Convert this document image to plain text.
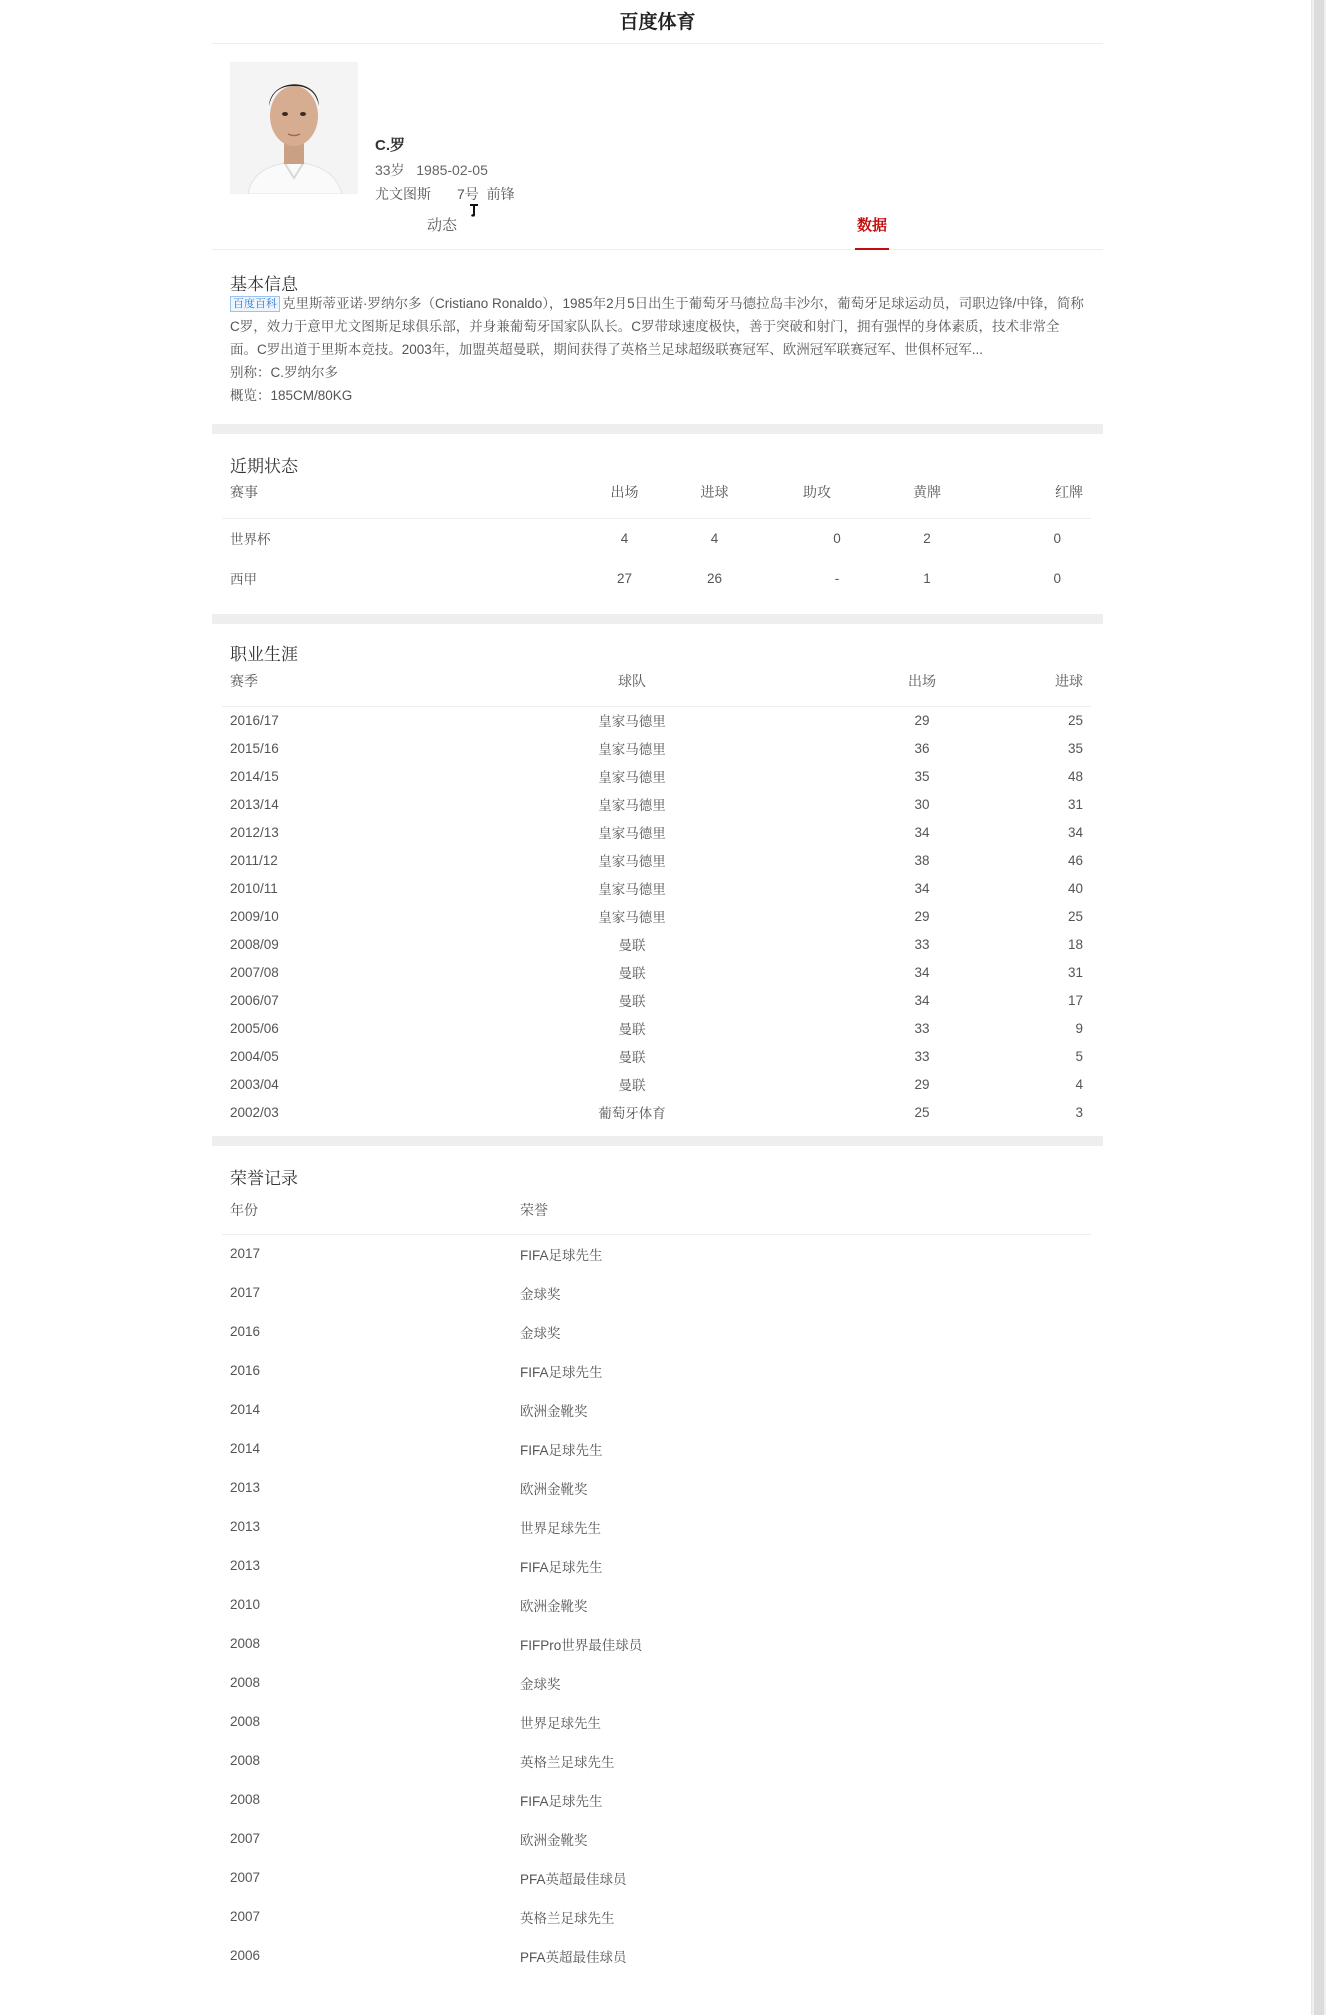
百度体育
C.罗
33岁 1985-02-05
尤文图斯

7号
前锋
动态	数据
基本信息
百度百科 克里斯蒂亚诺·罗纳尔多（Cristiano Ronaldo），1985年2月5日出生于葡萄牙马德拉岛丰沙尔，葡萄牙足球运动员，司职边锋/中锋，简称C罗，效力于意甲尤文图斯足球俱乐部，并身兼葡萄牙国家队队长。C罗带球速度极快，善于突破和射门，拥有强悍的身体素质，技术非常全面。C罗出道于里斯本竞技。2003年，加盟英超曼联，期间获得了英格兰足球超级联赛冠军、欧洲冠军联赛冠军、世俱杯冠军...
别称：C.罗纳尔多
概览：185CM/80KG
近期状态
赛事	出场	进球	助攻	黄牌	红牌
世界杯	4	4	0	2	0
西甲	27	26	-	1	0
职业生涯
赛季	球队	出场	进球
2016/17	皇家马德里	29	25
2015/16	皇家马德里	36	35
2014/15	皇家马德里	35	48
2013/14	皇家马德里	30	31
2012/13	皇家马德里	34	34
2011/12	皇家马德里	38	46
2010/11	皇家马德里	34	40
2009/10	皇家马德里	29	25
2008/09	曼联	33	18
2007/08	曼联	34	31
2006/07	曼联	34	17
2005/06	曼联	33	9
2004/05	曼联	33	5
2003/04	曼联	29	4
2002/03	葡萄牙体育	25	3
荣誉记录
年份	荣誉
2017	FIFA足球先生
2017	金球奖
2016	金球奖
2016	FIFA足球先生
2014	欧洲金靴奖
2014	FIFA足球先生
2013	欧洲金靴奖
2013	世界足球先生
2013	FIFA足球先生
2010	欧洲金靴奖
2008	FIFPro世界最佳球员
2008	金球奖
2008	世界足球先生
2008	英格兰足球先生
2008	FIFA足球先生
2007	欧洲金靴奖
2007	PFA英超最佳球员
2007	英格兰足球先生
2006	PFA英超最佳球员
